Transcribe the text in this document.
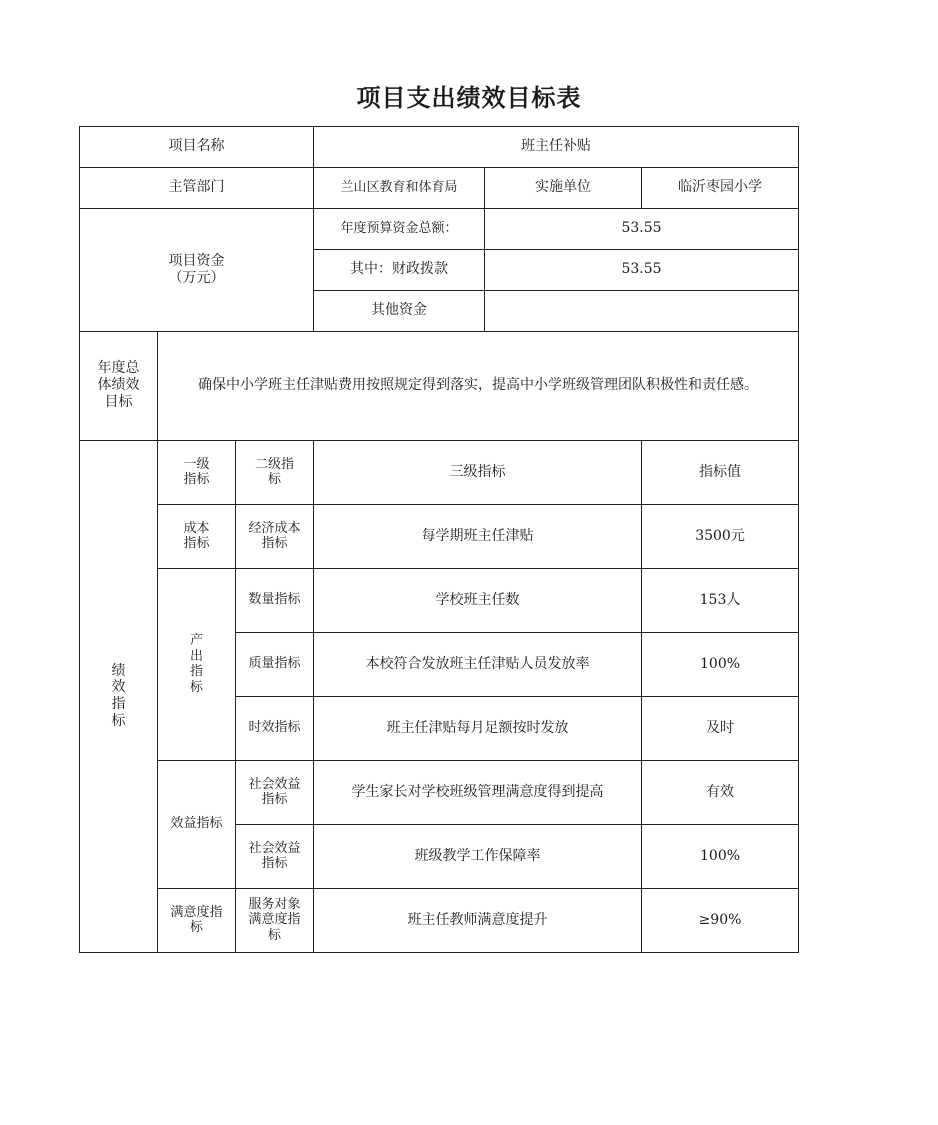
项目支出绩效目标表
项目名称			班主任补贴		
主管部门			兰山区教育和体育局	实施单位	临沂枣园小学

项目资金
（万元）			年度预算资金总额：	53.55	
			其中：财政拨款	53.55	
			其他资金		
年度总体绩效目标	确保中小学班主任津贴费用按照规定得到落实，提高中小学班级管理团队积极性和责任感。				
绩效指标	一级指标	二级指标	三级指标		指标值
	成本指标	经济成本指标	每学期班主任津贴		3500元
	产出指标	数量指标	学校班主任数		153人
		质量指标	本校符合发放班主任津贴人员发放率		100%
		时效指标	班主任津贴每月足额按时发放		及时
	效益指标	社会效益指标	学生家长对学校班级管理满意度得到提高		有效
		社会效益指标	班级教学工作保障率		100%
	满意度指标	服务对象满意度指标	班主任教师满意度提升		≥90%
